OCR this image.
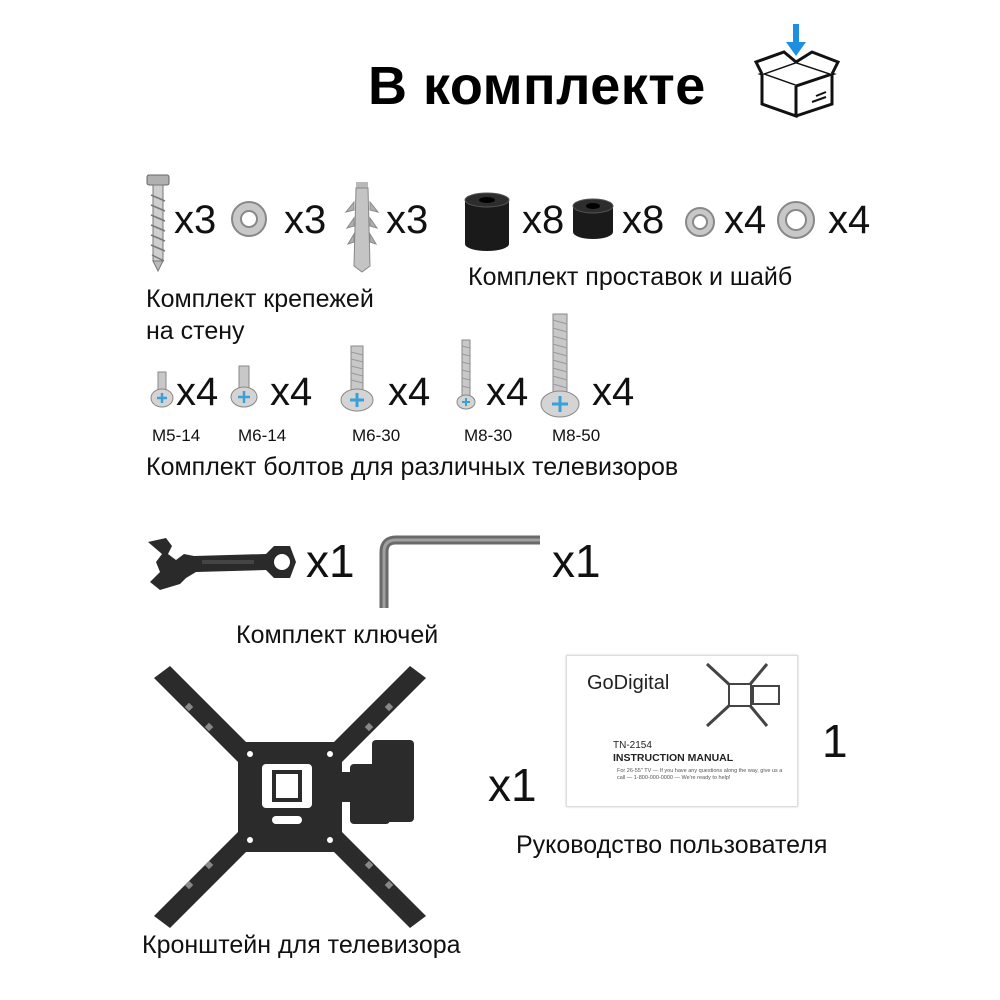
В комплекте
x3 x3 x3
Комплект крепежей
на стену
x8 x8 x4 x4
Комплект проставок и шайб
x4
M5-14
x4
M6-14
x4
M6-30
x4
M8-30
x4
M8-50
Комплект болтов для различных телевизоров
x1	x1
Комплект ключей
x1
Кронштейн для телевизора
GoDigital
TN-2154
INSTRUCTION MANUAL
For 26-55" TV — If you have any questions along the way, give us a call — 1-800-000-0000 — We're ready to help!
1
Руководство пользователя
